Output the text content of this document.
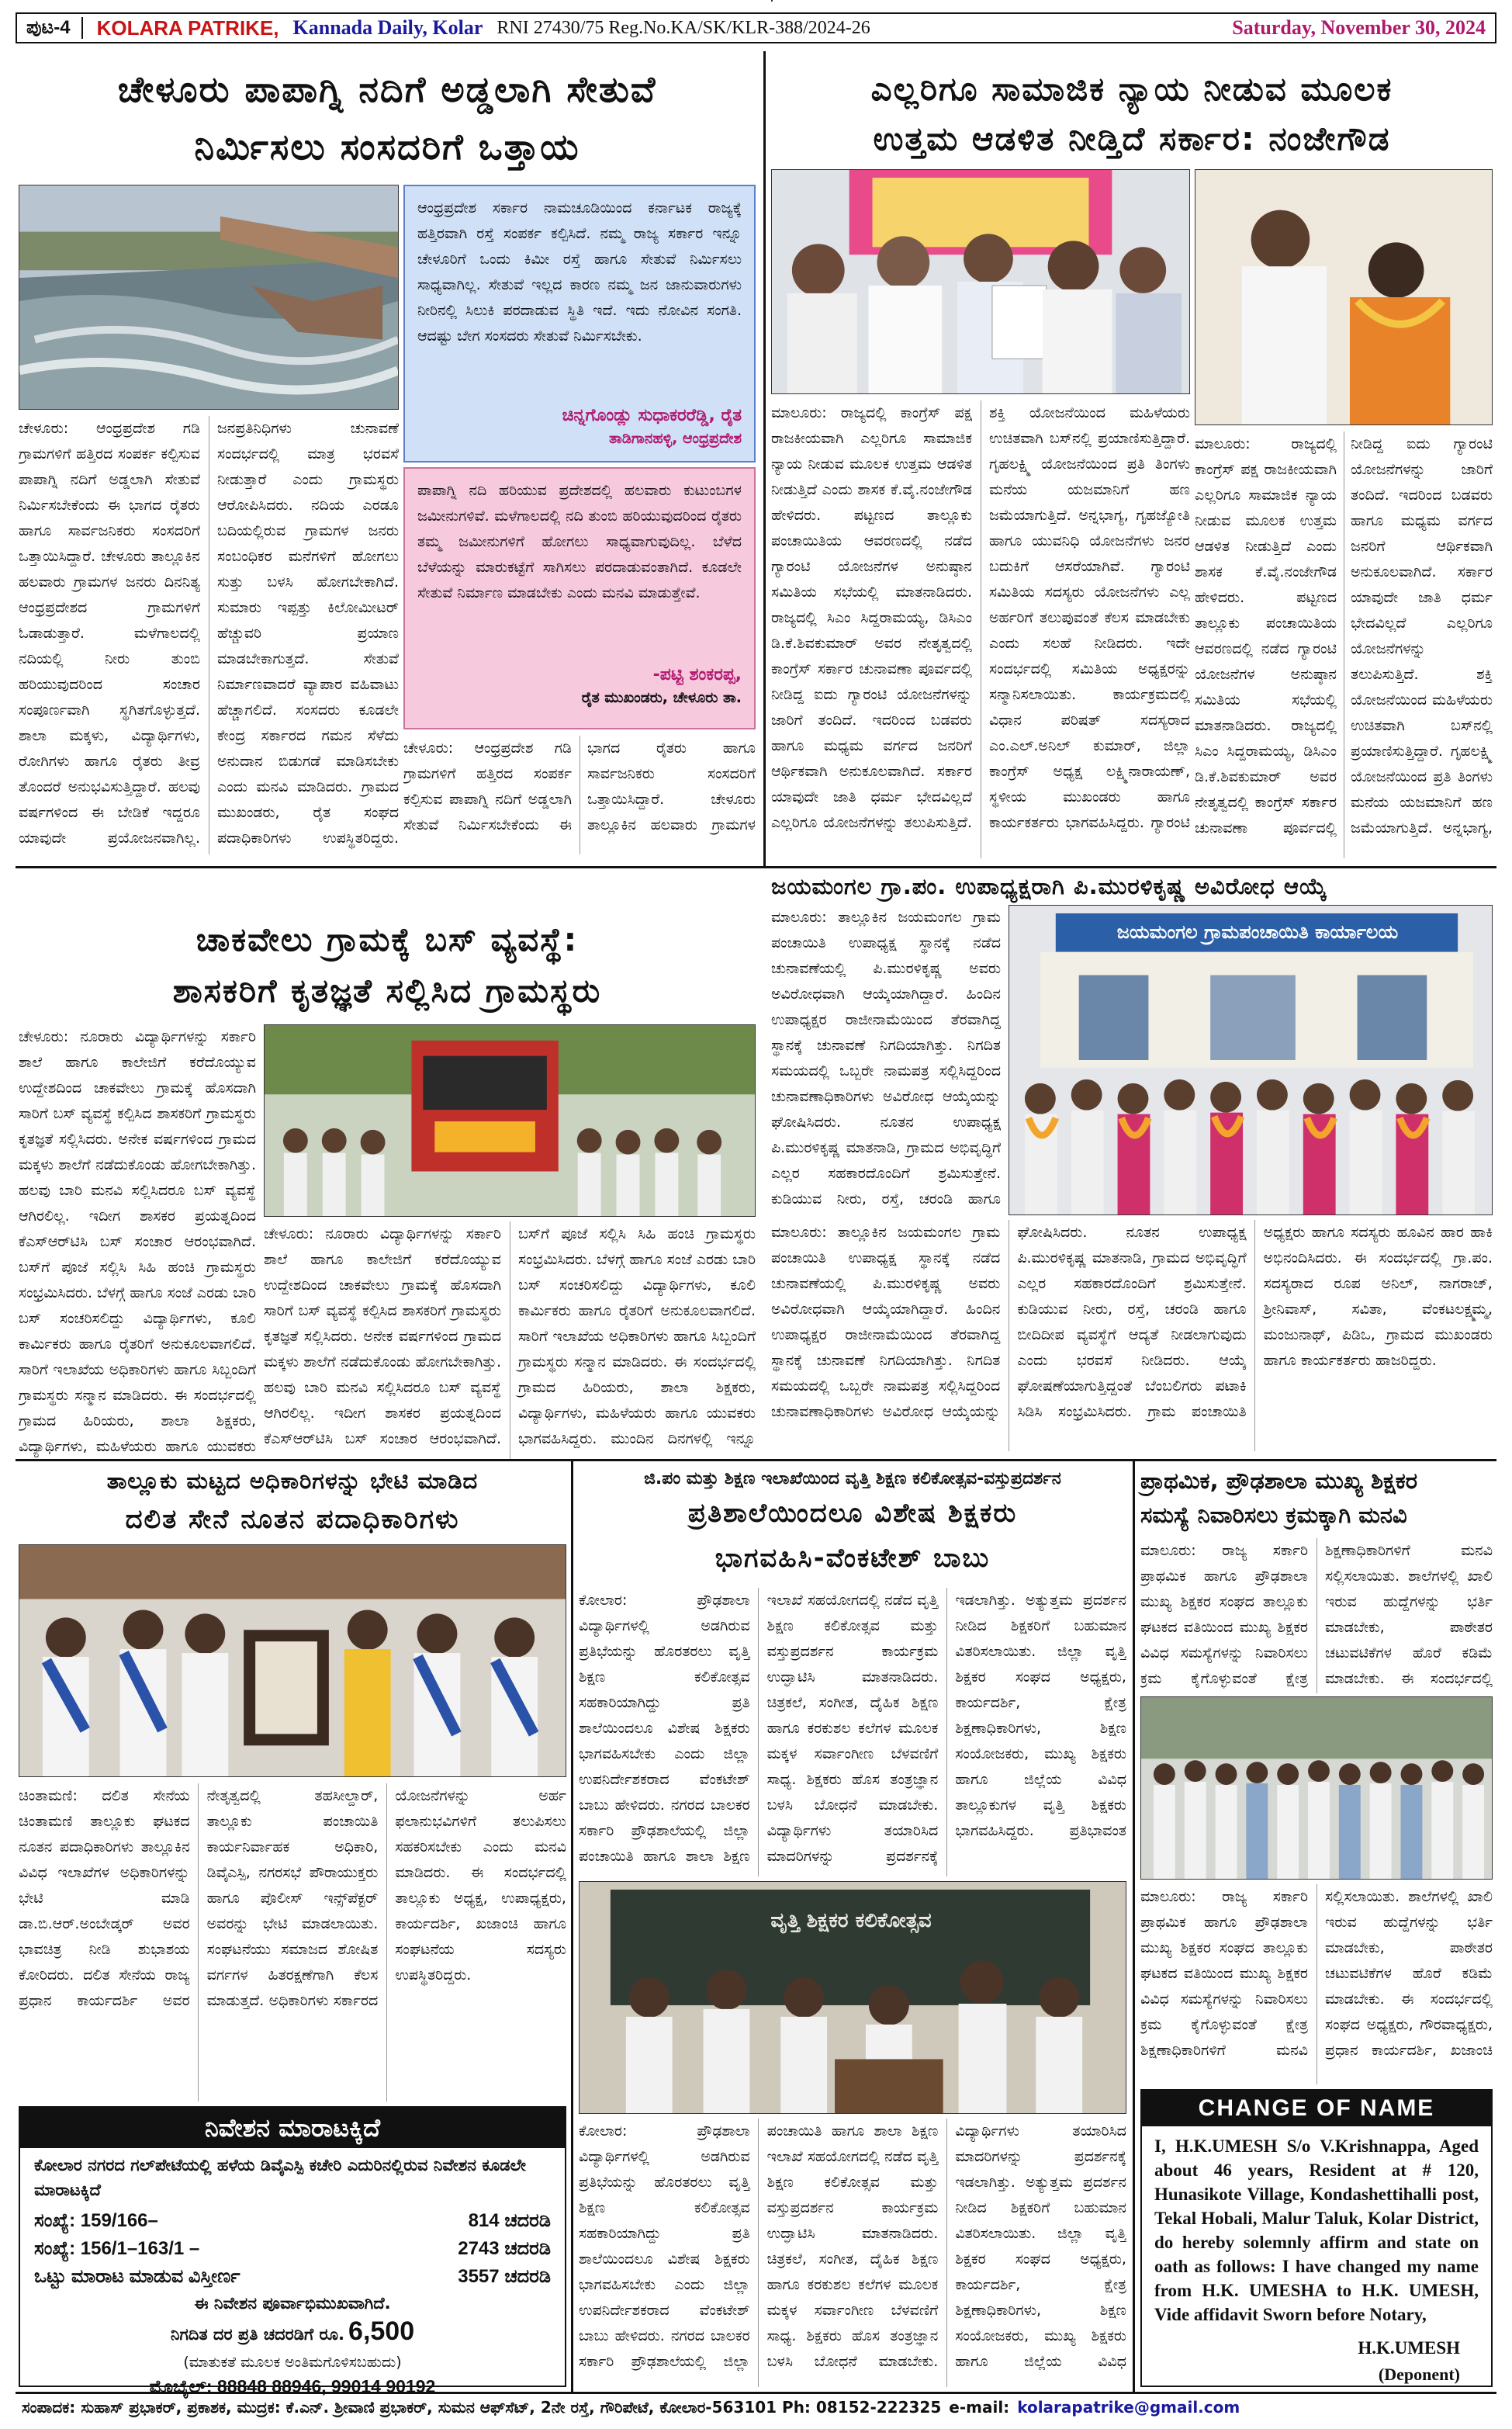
ಪುಟ-4	KOLARA PATRIKE, Kannada Daily, Kolar RNI 27430/75 Reg.No.KA/SK/KLR-388/2024-26	Saturday, November 30, 2024
ಚೇಳೂರು ಪಾಪಾಗ್ನಿ ನದಿಗೆ ಅಡ್ಡಲಾಗಿ ಸೇತುವೆ
ನಿರ್ಮಿಸಲು ಸಂಸದರಿಗೆ ಒತ್ತಾಯ
ಆಂಧ್ರಪ್ರದೇಶ ಸರ್ಕಾರ ನಾಮಚೂಡಿಯಿಂದ ಕರ್ನಾಟಕ ರಾಜ್ಯಕ್ಕೆ ಹತ್ತಿರವಾಗಿ ರಸ್ತೆ ಸಂಪರ್ಕ ಕಲ್ಪಿಸಿದೆ. ನಮ್ಮ ರಾಜ್ಯ ಸರ್ಕಾರ ಇನ್ನೂ ಚೇಳೂರಿಗೆ ಒಂದು ಕಿಮೀ ರಸ್ತೆ ಹಾಗೂ ಸೇತುವೆ ನಿರ್ಮಿಸಲು ಸಾಧ್ಯವಾಗಿಲ್ಲ. ಸೇತುವೆ ಇಲ್ಲದ ಕಾರಣ ನಮ್ಮ ಜನ ಜಾನುವಾರುಗಳು ನೀರಿನಲ್ಲಿ ಸಿಲುಕಿ ಪರದಾಡುವ ಸ್ಥಿತಿ ಇದೆ. ಇದು ನೋವಿನ ಸಂಗತಿ. ಆದಷ್ಟು ಬೇಗ ಸಂಸದರು ಸೇತುವೆ ನಿರ್ಮಿಸಬೇಕು.
ಚಿನ್ನಗೊಂಡ್ಲು ಸುಧಾಕರರೆಡ್ಡಿ, ರೈತ
ತಾಡಿಗಾನಹಳ್ಳಿ, ಆಂಧ್ರಪ್ರದೇಶ
ಪಾಪಾಗ್ನಿ ನದಿ ಹರಿಯುವ ಪ್ರದೇಶದಲ್ಲಿ ಹಲವಾರು ಕುಟುಂಬಗಳ ಜಮೀನುಗಳಿವೆ. ಮಳೆಗಾಲದಲ್ಲಿ ನದಿ ತುಂಬಿ ಹರಿಯುವುದರಿಂದ ರೈತರು ತಮ್ಮ ಜಮೀನುಗಳಿಗೆ ಹೋಗಲು ಸಾಧ್ಯವಾಗುವುದಿಲ್ಲ. ಬೆಳೆದ ಬೆಳೆಯನ್ನು ಮಾರುಕಟ್ಟೆಗೆ ಸಾಗಿಸಲು ಪರದಾಡುವಂತಾಗಿದೆ. ಕೂಡಲೇ ಸೇತುವೆ ನಿರ್ಮಾಣ ಮಾಡಬೇಕು ಎಂದು ಮನವಿ ಮಾಡುತ್ತೇವೆ.
-ಪಟ್ಟಿ ಶಂಕರಪ್ಪ,
ರೈತ ಮುಖಂಡರು, ಚೇಳೂರು ತಾ.
ಚೇಳೂರು: ಆಂಧ್ರಪ್ರದೇಶ ಗಡಿ ಗ್ರಾಮಗಳಿಗೆ ಹತ್ತಿರದ ಸಂಪರ್ಕ ಕಲ್ಪಿಸುವ ಪಾಪಾಗ್ನಿ ನದಿಗೆ ಅಡ್ಡಲಾಗಿ ಸೇತುವೆ ನಿರ್ಮಿಸಬೇಕೆಂದು ಈ ಭಾಗದ ರೈತರು ಹಾಗೂ ಸಾರ್ವಜನಿಕರು ಸಂಸದರಿಗೆ ಒತ್ತಾಯಿಸಿದ್ದಾರೆ. ಚೇಳೂರು ತಾಲ್ಲೂಕಿನ ಹಲವಾರು ಗ್ರಾಮಗಳ ಜನರು ದಿನನಿತ್ಯ ಆಂಧ್ರಪ್ರದೇಶದ ಗ್ರಾಮಗಳಿಗೆ ಓಡಾಡುತ್ತಾರೆ. ಮಳೆಗಾಲದಲ್ಲಿ ನದಿಯಲ್ಲಿ ನೀರು ತುಂಬಿ ಹರಿಯುವುದರಿಂದ ಸಂಚಾರ ಸಂಪೂರ್ಣವಾಗಿ ಸ್ಥಗಿತಗೊಳ್ಳುತ್ತದೆ. ಶಾಲಾ ಮಕ್ಕಳು, ವಿದ್ಯಾರ್ಥಿಗಳು, ರೋಗಿಗಳು ಹಾಗೂ ರೈತರು ತೀವ್ರ ತೊಂದರೆ ಅನುಭವಿಸುತ್ತಿದ್ದಾರೆ. ಹಲವು ವರ್ಷಗಳಿಂದ ಈ ಬೇಡಿಕೆ ಇದ್ದರೂ ಯಾವುದೇ ಪ್ರಯೋಜನವಾಗಿಲ್ಲ. ಜನಪ್ರತಿನಿಧಿಗಳು ಚುನಾವಣೆ ಸಂದರ್ಭದಲ್ಲಿ ಮಾತ್ರ ಭರವಸೆ ನೀಡುತ್ತಾರೆ ಎಂದು ಗ್ರಾಮಸ್ಥರು ಆರೋಪಿಸಿದರು. ನದಿಯ ಎರಡೂ ಬದಿಯಲ್ಲಿರುವ ಗ್ರಾಮಗಳ ಜನರು ಸಂಬಂಧಿಕರ ಮನೆಗಳಿಗೆ ಹೋಗಲು ಸುತ್ತು ಬಳಸಿ ಹೋಗಬೇಕಾಗಿದೆ. ಸುಮಾರು ಇಪ್ಪತ್ತು ಕಿಲೋಮೀಟರ್ ಹೆಚ್ಚುವರಿ ಪ್ರಯಾಣ ಮಾಡಬೇಕಾಗುತ್ತದೆ. ಸೇತುವೆ ನಿರ್ಮಾಣವಾದರೆ ವ್ಯಾಪಾರ ವಹಿವಾಟು ಹೆಚ್ಚಾಗಲಿದೆ. ಸಂಸದರು ಕೂಡಲೇ ಕೇಂದ್ರ ಸರ್ಕಾರದ ಗಮನ ಸೆಳೆದು ಅನುದಾನ ಬಿಡುಗಡೆ ಮಾಡಿಸಬೇಕು ಎಂದು ಮನವಿ ಮಾಡಿದರು. ಗ್ರಾಮದ ಮುಖಂಡರು, ರೈತ ಸಂಘದ ಪದಾಧಿಕಾರಿಗಳು ಉಪಸ್ಥಿತರಿದ್ದರು.
ಚೇಳೂರು: ಆಂಧ್ರಪ್ರದೇಶ ಗಡಿ ಗ್ರಾಮಗಳಿಗೆ ಹತ್ತಿರದ ಸಂಪರ್ಕ ಕಲ್ಪಿಸುವ ಪಾಪಾಗ್ನಿ ನದಿಗೆ ಅಡ್ಡಲಾಗಿ ಸೇತುವೆ ನಿರ್ಮಿಸಬೇಕೆಂದು ಈ ಭಾಗದ ರೈತರು ಹಾಗೂ ಸಾರ್ವಜನಿಕರು ಸಂಸದರಿಗೆ ಒತ್ತಾಯಿಸಿದ್ದಾರೆ. ಚೇಳೂರು ತಾಲ್ಲೂಕಿನ ಹಲವಾರು ಗ್ರಾಮಗಳ
ಎಲ್ಲರಿಗೂ ಸಾಮಾಜಿಕ ನ್ಯಾಯ ನೀಡುವ ಮೂಲಕ
ಉತ್ತಮ ಆಡಳಿತ ನೀಡ್ತಿದೆ ಸರ್ಕಾರ: ನಂಜೇಗೌಡ
ಮಾಲೂರು: ರಾಜ್ಯದಲ್ಲಿ ಕಾಂಗ್ರೆಸ್ ಪಕ್ಷ ರಾಜಕೀಯವಾಗಿ ಎಲ್ಲರಿಗೂ ಸಾಮಾಜಿಕ ನ್ಯಾಯ ನೀಡುವ ಮೂಲಕ ಉತ್ತಮ ಆಡಳಿತ ನೀಡುತ್ತಿದೆ ಎಂದು ಶಾಸಕ ಕೆ.ವೈ.ನಂಜೇಗೌಡ ಹೇಳಿದರು. ಪಟ್ಟಣದ ತಾಲ್ಲೂಕು ಪಂಚಾಯಿತಿಯ ಆವರಣದಲ್ಲಿ ನಡೆದ ಗ್ಯಾರಂಟಿ ಯೋಜನೆಗಳ ಅನುಷ್ಠಾನ ಸಮಿತಿಯ ಸಭೆಯಲ್ಲಿ ಮಾತನಾಡಿದರು. ರಾಜ್ಯದಲ್ಲಿ ಸಿಎಂ ಸಿದ್ದರಾಮಯ್ಯ, ಡಿಸಿಎಂ ಡಿ.ಕೆ.ಶಿವಕುಮಾರ್ ಅವರ ನೇತೃತ್ವದಲ್ಲಿ ಕಾಂಗ್ರೆಸ್ ಸರ್ಕಾರ ಚುನಾವಣಾ ಪೂರ್ವದಲ್ಲಿ ನೀಡಿದ್ದ ಐದು ಗ್ಯಾರಂಟಿ ಯೋಜನೆಗಳನ್ನು ಜಾರಿಗೆ ತಂದಿದೆ. ಇದರಿಂದ ಬಡವರು ಹಾಗೂ ಮಧ್ಯಮ ವರ್ಗದ ಜನರಿಗೆ ಆರ್ಥಿಕವಾಗಿ ಅನುಕೂಲವಾಗಿದೆ. ಸರ್ಕಾರ ಯಾವುದೇ ಜಾತಿ ಧರ್ಮ ಭೇದವಿಲ್ಲದೆ ಎಲ್ಲರಿಗೂ ಯೋಜನೆಗಳನ್ನು ತಲುಪಿಸುತ್ತಿದೆ. ಶಕ್ತಿ ಯೋಜನೆಯಿಂದ ಮಹಿಳೆಯರು ಉಚಿತವಾಗಿ ಬಸ್‌ನಲ್ಲಿ ಪ್ರಯಾಣಿಸುತ್ತಿದ್ದಾರೆ. ಗೃಹಲಕ್ಷ್ಮಿ ಯೋಜನೆಯಿಂದ ಪ್ರತಿ ತಿಂಗಳು ಮನೆಯ ಯಜಮಾನಿಗೆ ಹಣ ಜಮೆಯಾಗುತ್ತಿದೆ. ಅನ್ನಭಾಗ್ಯ, ಗೃಹಜ್ಯೋತಿ ಹಾಗೂ ಯುವನಿಧಿ ಯೋಜನೆಗಳು ಜನರ ಬದುಕಿಗೆ ಆಸರೆಯಾಗಿವೆ. ಗ್ಯಾರಂಟಿ ಸಮಿತಿಯ ಸದಸ್ಯರು ಯೋಜನೆಗಳು ಎಲ್ಲ ಅರ್ಹರಿಗೆ ತಲುಪುವಂತೆ ಕೆಲಸ ಮಾಡಬೇಕು ಎಂದು ಸಲಹೆ ನೀಡಿದರು. ಇದೇ ಸಂದರ್ಭದಲ್ಲಿ ಸಮಿತಿಯ ಅಧ್ಯಕ್ಷರನ್ನು ಸನ್ಮಾನಿಸಲಾಯಿತು. ಕಾರ್ಯಕ್ರಮದಲ್ಲಿ ವಿಧಾನ ಪರಿಷತ್ ಸದಸ್ಯರಾದ ಎಂ.ಎಲ್.ಅನಿಲ್ ಕುಮಾರ್, ಜಿಲ್ಲಾ ಕಾಂಗ್ರೆಸ್ ಅಧ್ಯಕ್ಷ ಲಕ್ಷ್ಮಿನಾರಾಯಣ್, ಸ್ಥಳೀಯ ಮುಖಂಡರು ಹಾಗೂ ಕಾರ್ಯಕರ್ತರು ಭಾಗವಹಿಸಿದ್ದರು. ಗ್ಯಾರಂಟಿ
ಮಾಲೂರು: ರಾಜ್ಯದಲ್ಲಿ ಕಾಂಗ್ರೆಸ್ ಪಕ್ಷ ರಾಜಕೀಯವಾಗಿ ಎಲ್ಲರಿಗೂ ಸಾಮಾಜಿಕ ನ್ಯಾಯ ನೀಡುವ ಮೂಲಕ ಉತ್ತಮ ಆಡಳಿತ ನೀಡುತ್ತಿದೆ ಎಂದು ಶಾಸಕ ಕೆ.ವೈ.ನಂಜೇಗೌಡ ಹೇಳಿದರು. ಪಟ್ಟಣದ ತಾಲ್ಲೂಕು ಪಂಚಾಯಿತಿಯ ಆವರಣದಲ್ಲಿ ನಡೆದ ಗ್ಯಾರಂಟಿ ಯೋಜನೆಗಳ ಅನುಷ್ಠಾನ ಸಮಿತಿಯ ಸಭೆಯಲ್ಲಿ ಮಾತನಾಡಿದರು. ರಾಜ್ಯದಲ್ಲಿ ಸಿಎಂ ಸಿದ್ದರಾಮಯ್ಯ, ಡಿಸಿಎಂ ಡಿ.ಕೆ.ಶಿವಕುಮಾರ್ ಅವರ ನೇತೃತ್ವದಲ್ಲಿ ಕಾಂಗ್ರೆಸ್ ಸರ್ಕಾರ ಚುನಾವಣಾ ಪೂರ್ವದಲ್ಲಿ ನೀಡಿದ್ದ ಐದು ಗ್ಯಾರಂಟಿ ಯೋಜನೆಗಳನ್ನು ಜಾರಿಗೆ ತಂದಿದೆ. ಇದರಿಂದ ಬಡವರು ಹಾಗೂ ಮಧ್ಯಮ ವರ್ಗದ ಜನರಿಗೆ ಆರ್ಥಿಕವಾಗಿ ಅನುಕೂಲವಾಗಿದೆ. ಸರ್ಕಾರ ಯಾವುದೇ ಜಾತಿ ಧರ್ಮ ಭೇದವಿಲ್ಲದೆ ಎಲ್ಲರಿಗೂ ಯೋಜನೆಗಳನ್ನು ತಲುಪಿಸುತ್ತಿದೆ. ಶಕ್ತಿ ಯೋಜನೆಯಿಂದ ಮಹಿಳೆಯರು ಉಚಿತವಾಗಿ ಬಸ್‌ನಲ್ಲಿ ಪ್ರಯಾಣಿಸುತ್ತಿದ್ದಾರೆ. ಗೃಹಲಕ್ಷ್ಮಿ ಯೋಜನೆಯಿಂದ ಪ್ರತಿ ತಿಂಗಳು ಮನೆಯ ಯಜಮಾನಿಗೆ ಹಣ ಜಮೆಯಾಗುತ್ತಿದೆ. ಅನ್ನಭಾಗ್ಯ,
ಜಯಮಂಗಲ ಗ್ರಾ.ಪಂ. ಉಪಾಧ್ಯಕ್ಷರಾಗಿ ಪಿ.ಮುರಳಿಕೃಷ್ಣ ಅವಿರೋಧ ಆಯ್ಕೆ
ಜಯಮಂಗಲ ಗ್ರಾಮಪಂಚಾಯಿತಿ ಕಾರ್ಯಾಲಯ
ಮಾಲೂರು: ತಾಲ್ಲೂಕಿನ ಜಯಮಂಗಲ ಗ್ರಾಮ ಪಂಚಾಯಿತಿ ಉಪಾಧ್ಯಕ್ಷ ಸ್ಥಾನಕ್ಕೆ ನಡೆದ ಚುನಾವಣೆಯಲ್ಲಿ ಪಿ.ಮುರಳಿಕೃಷ್ಣ ಅವರು ಅವಿರೋಧವಾಗಿ ಆಯ್ಕೆಯಾಗಿದ್ದಾರೆ. ಹಿಂದಿನ ಉಪಾಧ್ಯಕ್ಷರ ರಾಜೀನಾಮೆಯಿಂದ ತೆರವಾಗಿದ್ದ ಸ್ಥಾನಕ್ಕೆ ಚುನಾವಣೆ ನಿಗದಿಯಾಗಿತ್ತು. ನಿಗದಿತ ಸಮಯದಲ್ಲಿ ಒಬ್ಬರೇ ನಾಮಪತ್ರ ಸಲ್ಲಿಸಿದ್ದರಿಂದ ಚುನಾವಣಾಧಿಕಾರಿಗಳು ಅವಿರೋಧ ಆಯ್ಕೆಯನ್ನು ಘೋಷಿಸಿದರು. ನೂತನ ಉಪಾಧ್ಯಕ್ಷ ಪಿ.ಮುರಳಿಕೃಷ್ಣ ಮಾತನಾಡಿ, ಗ್ರಾಮದ ಅಭಿವೃದ್ಧಿಗೆ ಎಲ್ಲರ ಸಹಕಾರದೊಂದಿಗೆ ಶ್ರಮಿಸುತ್ತೇನೆ. ಕುಡಿಯುವ ನೀರು, ರಸ್ತೆ, ಚರಂಡಿ ಹಾಗೂ
ಮಾಲೂರು: ತಾಲ್ಲೂಕಿನ ಜಯಮಂಗಲ ಗ್ರಾಮ ಪಂಚಾಯಿತಿ ಉಪಾಧ್ಯಕ್ಷ ಸ್ಥಾನಕ್ಕೆ ನಡೆದ ಚುನಾವಣೆಯಲ್ಲಿ ಪಿ.ಮುರಳಿಕೃಷ್ಣ ಅವರು ಅವಿರೋಧವಾಗಿ ಆಯ್ಕೆಯಾಗಿದ್ದಾರೆ. ಹಿಂದಿನ ಉಪಾಧ್ಯಕ್ಷರ ರಾಜೀನಾಮೆಯಿಂದ ತೆರವಾಗಿದ್ದ ಸ್ಥಾನಕ್ಕೆ ಚುನಾವಣೆ ನಿಗದಿಯಾಗಿತ್ತು. ನಿಗದಿತ ಸಮಯದಲ್ಲಿ ಒಬ್ಬರೇ ನಾಮಪತ್ರ ಸಲ್ಲಿಸಿದ್ದರಿಂದ ಚುನಾವಣಾಧಿಕಾರಿಗಳು ಅವಿರೋಧ ಆಯ್ಕೆಯನ್ನು ಘೋಷಿಸಿದರು. ನೂತನ ಉಪಾಧ್ಯಕ್ಷ ಪಿ.ಮುರಳಿಕೃಷ್ಣ ಮಾತನಾಡಿ, ಗ್ರಾಮದ ಅಭಿವೃದ್ಧಿಗೆ ಎಲ್ಲರ ಸಹಕಾರದೊಂದಿಗೆ ಶ್ರಮಿಸುತ್ತೇನೆ. ಕುಡಿಯುವ ನೀರು, ರಸ್ತೆ, ಚರಂಡಿ ಹಾಗೂ ಬೀದಿದೀಪ ವ್ಯವಸ್ಥೆಗೆ ಆದ್ಯತೆ ನೀಡಲಾಗುವುದು ಎಂದು ಭರವಸೆ ನೀಡಿದರು. ಆಯ್ಕೆ ಘೋಷಣೆಯಾಗುತ್ತಿದ್ದಂತೆ ಬೆಂಬಲಿಗರು ಪಟಾಕಿ ಸಿಡಿಸಿ ಸಂಭ್ರಮಿಸಿದರು. ಗ್ರಾಮ ಪಂಚಾಯಿತಿ ಅಧ್ಯಕ್ಷರು ಹಾಗೂ ಸದಸ್ಯರು ಹೂವಿನ ಹಾರ ಹಾಕಿ ಅಭಿನಂದಿಸಿದರು. ಈ ಸಂದರ್ಭದಲ್ಲಿ ಗ್ರಾ.ಪಂ. ಸದಸ್ಯರಾದ ರೂಪ ಅನಿಲ್, ನಾಗರಾಜ್, ಶ್ರೀನಿವಾಸ್, ಸವಿತಾ, ವೆಂಕಟಲಕ್ಷ್ಮಮ್ಮ, ಮಂಜುನಾಥ್, ಪಿಡಿಒ, ಗ್ರಾಮದ ಮುಖಂಡರು ಹಾಗೂ ಕಾರ್ಯಕರ್ತರು ಹಾಜರಿದ್ದರು.
ಚಾಕವೇಲು ಗ್ರಾಮಕ್ಕೆ ಬಸ್ ವ್ಯವಸ್ಥೆ:
ಶಾಸಕರಿಗೆ ಕೃತಜ್ಞತೆ ಸಲ್ಲಿಸಿದ ಗ್ರಾಮಸ್ಥರು
ಚೇಳೂರು: ನೂರಾರು ವಿದ್ಯಾರ್ಥಿಗಳನ್ನು ಸರ್ಕಾರಿ ಶಾಲೆ ಹಾಗೂ ಕಾಲೇಜಿಗೆ ಕರೆದೊಯ್ಯುವ ಉದ್ದೇಶದಿಂದ ಚಾಕವೇಲು ಗ್ರಾಮಕ್ಕೆ ಹೊಸದಾಗಿ ಸಾರಿಗೆ ಬಸ್ ವ್ಯವಸ್ಥೆ ಕಲ್ಪಿಸಿದ ಶಾಸಕರಿಗೆ ಗ್ರಾಮಸ್ಥರು ಕೃತಜ್ಞತೆ ಸಲ್ಲಿಸಿದರು. ಅನೇಕ ವರ್ಷಗಳಿಂದ ಗ್ರಾಮದ ಮಕ್ಕಳು ಶಾಲೆಗೆ ನಡೆದುಕೊಂಡು ಹೋಗಬೇಕಾಗಿತ್ತು. ಹಲವು ಬಾರಿ ಮನವಿ ಸಲ್ಲಿಸಿದರೂ ಬಸ್ ವ್ಯವಸ್ಥೆ ಆಗಿರಲಿಲ್ಲ. ಇದೀಗ ಶಾಸಕರ ಪ್ರಯತ್ನದಿಂದ ಕೆಎಸ್ಆರ್‌ಟಿಸಿ ಬಸ್ ಸಂಚಾರ ಆರಂಭವಾಗಿದೆ. ಬಸ್‌ಗೆ ಪೂಜೆ ಸಲ್ಲಿಸಿ ಸಿಹಿ ಹಂಚಿ ಗ್ರಾಮಸ್ಥರು ಸಂಭ್ರಮಿಸಿದರು. ಬೆಳಗ್ಗೆ ಹಾಗೂ ಸಂಜೆ ಎರಡು ಬಾರಿ ಬಸ್ ಸಂಚರಿಸಲಿದ್ದು ವಿದ್ಯಾರ್ಥಿಗಳು, ಕೂಲಿ ಕಾರ್ಮಿಕರು ಹಾಗೂ ರೈತರಿಗೆ ಅನುಕೂಲವಾಗಲಿದೆ. ಸಾರಿಗೆ ಇಲಾಖೆಯ ಅಧಿಕಾರಿಗಳು ಹಾಗೂ ಸಿಬ್ಬಂದಿಗೆ ಗ್ರಾಮಸ್ಥರು ಸನ್ಮಾನ ಮಾಡಿದರು. ಈ ಸಂದರ್ಭದಲ್ಲಿ ಗ್ರಾಮದ ಹಿರಿಯರು, ಶಾಲಾ ಶಿಕ್ಷಕರು, ವಿದ್ಯಾರ್ಥಿಗಳು, ಮಹಿಳೆಯರು ಹಾಗೂ ಯುವಕರು
ಚೇಳೂರು: ನೂರಾರು ವಿದ್ಯಾರ್ಥಿಗಳನ್ನು ಸರ್ಕಾರಿ ಶಾಲೆ ಹಾಗೂ ಕಾಲೇಜಿಗೆ ಕರೆದೊಯ್ಯುವ ಉದ್ದೇಶದಿಂದ ಚಾಕವೇಲು ಗ್ರಾಮಕ್ಕೆ ಹೊಸದಾಗಿ ಸಾರಿಗೆ ಬಸ್ ವ್ಯವಸ್ಥೆ ಕಲ್ಪಿಸಿದ ಶಾಸಕರಿಗೆ ಗ್ರಾಮಸ್ಥರು ಕೃತಜ್ಞತೆ ಸಲ್ಲಿಸಿದರು. ಅನೇಕ ವರ್ಷಗಳಿಂದ ಗ್ರಾಮದ ಮಕ್ಕಳು ಶಾಲೆಗೆ ನಡೆದುಕೊಂಡು ಹೋಗಬೇಕಾಗಿತ್ತು. ಹಲವು ಬಾರಿ ಮನವಿ ಸಲ್ಲಿಸಿದರೂ ಬಸ್ ವ್ಯವಸ್ಥೆ ಆಗಿರಲಿಲ್ಲ. ಇದೀಗ ಶಾಸಕರ ಪ್ರಯತ್ನದಿಂದ ಕೆಎಸ್ಆರ್‌ಟಿಸಿ ಬಸ್ ಸಂಚಾರ ಆರಂಭವಾಗಿದೆ. ಬಸ್‌ಗೆ ಪೂಜೆ ಸಲ್ಲಿಸಿ ಸಿಹಿ ಹಂಚಿ ಗ್ರಾಮಸ್ಥರು ಸಂಭ್ರಮಿಸಿದರು. ಬೆಳಗ್ಗೆ ಹಾಗೂ ಸಂಜೆ ಎರಡು ಬಾರಿ ಬಸ್ ಸಂಚರಿಸಲಿದ್ದು ವಿದ್ಯಾರ್ಥಿಗಳು, ಕೂಲಿ ಕಾರ್ಮಿಕರು ಹಾಗೂ ರೈತರಿಗೆ ಅನುಕೂಲವಾಗಲಿದೆ. ಸಾರಿಗೆ ಇಲಾಖೆಯ ಅಧಿಕಾರಿಗಳು ಹಾಗೂ ಸಿಬ್ಬಂದಿಗೆ ಗ್ರಾಮಸ್ಥರು ಸನ್ಮಾನ ಮಾಡಿದರು. ಈ ಸಂದರ್ಭದಲ್ಲಿ ಗ್ರಾಮದ ಹಿರಿಯರು, ಶಾಲಾ ಶಿಕ್ಷಕರು, ವಿದ್ಯಾರ್ಥಿಗಳು, ಮಹಿಳೆಯರು ಹಾಗೂ ಯುವಕರು ಭಾಗವಹಿಸಿದ್ದರು. ಮುಂದಿನ ದಿನಗಳಲ್ಲಿ ಇನ್ನೂ
ತಾಲ್ಲೂಕು ಮಟ್ಟದ ಅಧಿಕಾರಿಗಳನ್ನು ಭೇಟಿ ಮಾಡಿದ
ದಲಿತ ಸೇನೆ ನೂತನ ಪದಾಧಿಕಾರಿಗಳು
ಚಿಂತಾಮಣಿ: ದಲಿತ ಸೇನೆಯ ಚಿಂತಾಮಣಿ ತಾಲ್ಲೂಕು ಘಟಕದ ನೂತನ ಪದಾಧಿಕಾರಿಗಳು ತಾಲ್ಲೂಕಿನ ವಿವಿಧ ಇಲಾಖೆಗಳ ಅಧಿಕಾರಿಗಳನ್ನು ಭೇಟಿ ಮಾಡಿ ಡಾ.ಬಿ.ಆರ್.ಅಂಬೇಡ್ಕರ್ ಅವರ ಭಾವಚಿತ್ರ ನೀಡಿ ಶುಭಾಶಯ ಕೋರಿದರು. ದಲಿತ ಸೇನೆಯ ರಾಜ್ಯ ಪ್ರಧಾನ ಕಾರ್ಯದರ್ಶಿ ಅವರ ನೇತೃತ್ವದಲ್ಲಿ ತಹಸೀಲ್ದಾರ್, ತಾಲ್ಲೂಕು ಪಂಚಾಯಿತಿ ಕಾರ್ಯನಿರ್ವಾಹಕ ಅಧಿಕಾರಿ, ಡಿವೈಎಸ್ಪಿ, ನಗರಸಭೆ ಪೌರಾಯುಕ್ತರು ಹಾಗೂ ಪೊಲೀಸ್ ಇನ್ಸ್‌ಪೆಕ್ಟರ್ ಅವರನ್ನು ಭೇಟಿ ಮಾಡಲಾಯಿತು. ಸಂಘಟನೆಯು ಸಮಾಜದ ಶೋಷಿತ ವರ್ಗಗಳ ಹಿತರಕ್ಷಣೆಗಾಗಿ ಕೆಲಸ ಮಾಡುತ್ತದೆ. ಅಧಿಕಾರಿಗಳು ಸರ್ಕಾರದ ಯೋಜನೆಗಳನ್ನು ಅರ್ಹ ಫಲಾನುಭವಿಗಳಿಗೆ ತಲುಪಿಸಲು ಸಹಕರಿಸಬೇಕು ಎಂದು ಮನವಿ ಮಾಡಿದರು. ಈ ಸಂದರ್ಭದಲ್ಲಿ ತಾಲ್ಲೂಕು ಅಧ್ಯಕ್ಷ, ಉಪಾಧ್ಯಕ್ಷರು, ಕಾರ್ಯದರ್ಶಿ, ಖಜಾಂಚಿ ಹಾಗೂ ಸಂಘಟನೆಯ ಸದಸ್ಯರು ಉಪಸ್ಥಿತರಿದ್ದರು.
ನಿವೇಶನ ಮಾರಾಟಕ್ಕಿದೆ
ಕೋಲಾರ ನಗರದ ಗಲ್‌ಪೇಟೆಯಲ್ಲಿ ಹಳೆಯ ಡಿವೈಎಸ್ಪಿ ಕಚೇರಿ ಎದುರಿನಲ್ಲಿರುವ ನಿವೇಶನ ಕೂಡಲೇ ಮಾರಾಟಕ್ಕಿದೆ
ಸಂಖ್ಯೆ: 159/166–	814 ಚದರಡಿ
ಸಂಖ್ಯೆ: 156/1–163/1 –	2743 ಚದರಡಿ
ಒಟ್ಟು ಮಾರಾಟ ಮಾಡುವ ವಿಸ್ತೀರ್ಣ	3557 ಚದರಡಿ
ಈ ನಿವೇಶನ ಪೂರ್ವಾಭಿಮುಖವಾಗಿದೆ.
ನಿಗದಿತ ದರ ಪ್ರತಿ ಚದರಡಿಗೆ ರೂ. 6,500
(ಮಾತುಕತೆ ಮೂಲಕ ಅಂತಿಮಗೊಳಿಸಬಹುದು)
ಮೊಬೈಲ್: 88848 88946, 99014 90192
ಜಿ.ಪಂ ಮತ್ತು ಶಿಕ್ಷಣ ಇಲಾಖೆಯಿಂದ ವೃತ್ತಿ ಶಿಕ್ಷಣ ಕಲಿಕೋತ್ಸವ-ವಸ್ತುಪ್ರದರ್ಶನ
ಪ್ರತಿಶಾಲೆಯಿಂದಲೂ ವಿಶೇಷ ಶಿಕ್ಷಕರು
ಭಾಗವಹಿಸಿ-ವೆಂಕಟೇಶ್ ಬಾಬು
ಕೋಲಾರ: ಪ್ರೌಢಶಾಲಾ ವಿದ್ಯಾರ್ಥಿಗಳಲ್ಲಿ ಅಡಗಿರುವ ಪ್ರತಿಭೆಯನ್ನು ಹೊರತರಲು ವೃತ್ತಿ ಶಿಕ್ಷಣ ಕಲಿಕೋತ್ಸವ ಸಹಕಾರಿಯಾಗಿದ್ದು ಪ್ರತಿ ಶಾಲೆಯಿಂದಲೂ ವಿಶೇಷ ಶಿಕ್ಷಕರು ಭಾಗವಹಿಸಬೇಕು ಎಂದು ಜಿಲ್ಲಾ ಉಪನಿರ್ದೇಶಕರಾದ ವೆಂಕಟೇಶ್ ಬಾಬು ಹೇಳಿದರು. ನಗರದ ಬಾಲಕರ ಸರ್ಕಾರಿ ಪ್ರೌಢಶಾಲೆಯಲ್ಲಿ ಜಿಲ್ಲಾ ಪಂಚಾಯಿತಿ ಹಾಗೂ ಶಾಲಾ ಶಿಕ್ಷಣ ಇಲಾಖೆ ಸಹಯೋಗದಲ್ಲಿ ನಡೆದ ವೃತ್ತಿ ಶಿಕ್ಷಣ ಕಲಿಕೋತ್ಸವ ಮತ್ತು ವಸ್ತುಪ್ರದರ್ಶನ ಕಾರ್ಯಕ್ರಮ ಉದ್ಘಾಟಿಸಿ ಮಾತನಾಡಿದರು. ಚಿತ್ರಕಲೆ, ಸಂಗೀತ, ದೈಹಿಕ ಶಿಕ್ಷಣ ಹಾಗೂ ಕರಕುಶಲ ಕಲೆಗಳ ಮೂಲಕ ಮಕ್ಕಳ ಸರ್ವಾಂಗೀಣ ಬೆಳವಣಿಗೆ ಸಾಧ್ಯ. ಶಿಕ್ಷಕರು ಹೊಸ ತಂತ್ರಜ್ಞಾನ ಬಳಸಿ ಬೋಧನೆ ಮಾಡಬೇಕು. ವಿದ್ಯಾರ್ಥಿಗಳು ತಯಾರಿಸಿದ ಮಾದರಿಗಳನ್ನು ಪ್ರದರ್ಶನಕ್ಕೆ ಇಡಲಾಗಿತ್ತು. ಅತ್ಯುತ್ತಮ ಪ್ರದರ್ಶನ ನೀಡಿದ ಶಿಕ್ಷಕರಿಗೆ ಬಹುಮಾನ ವಿತರಿಸಲಾಯಿತು. ಜಿಲ್ಲಾ ವೃತ್ತಿ ಶಿಕ್ಷಕರ ಸಂಘದ ಅಧ್ಯಕ್ಷರು, ಕಾರ್ಯದರ್ಶಿ, ಕ್ಷೇತ್ರ ಶಿಕ್ಷಣಾಧಿಕಾರಿಗಳು, ಶಿಕ್ಷಣ ಸಂಯೋಜಕರು, ಮುಖ್ಯ ಶಿಕ್ಷಕರು ಹಾಗೂ ಜಿಲ್ಲೆಯ ವಿವಿಧ ತಾಲ್ಲೂಕುಗಳ ವೃತ್ತಿ ಶಿಕ್ಷಕರು ಭಾಗವಹಿಸಿದ್ದರು. ಪ್ರತಿಭಾವಂತ
ವೃತ್ತಿ ಶಿಕ್ಷಕರ ಕಲಿಕೋತ್ಸವ
ಕೋಲಾರ: ಪ್ರೌಢಶಾಲಾ ವಿದ್ಯಾರ್ಥಿಗಳಲ್ಲಿ ಅಡಗಿರುವ ಪ್ರತಿಭೆಯನ್ನು ಹೊರತರಲು ವೃತ್ತಿ ಶಿಕ್ಷಣ ಕಲಿಕೋತ್ಸವ ಸಹಕಾರಿಯಾಗಿದ್ದು ಪ್ರತಿ ಶಾಲೆಯಿಂದಲೂ ವಿಶೇಷ ಶಿಕ್ಷಕರು ಭಾಗವಹಿಸಬೇಕು ಎಂದು ಜಿಲ್ಲಾ ಉಪನಿರ್ದೇಶಕರಾದ ವೆಂಕಟೇಶ್ ಬಾಬು ಹೇಳಿದರು. ನಗರದ ಬಾಲಕರ ಸರ್ಕಾರಿ ಪ್ರೌಢಶಾಲೆಯಲ್ಲಿ ಜಿಲ್ಲಾ ಪಂಚಾಯಿತಿ ಹಾಗೂ ಶಾಲಾ ಶಿಕ್ಷಣ ಇಲಾಖೆ ಸಹಯೋಗದಲ್ಲಿ ನಡೆದ ವೃತ್ತಿ ಶಿಕ್ಷಣ ಕಲಿಕೋತ್ಸವ ಮತ್ತು ವಸ್ತುಪ್ರದರ್ಶನ ಕಾರ್ಯಕ್ರಮ ಉದ್ಘಾಟಿಸಿ ಮಾತನಾಡಿದರು. ಚಿತ್ರಕಲೆ, ಸಂಗೀತ, ದೈಹಿಕ ಶಿಕ್ಷಣ ಹಾಗೂ ಕರಕುಶಲ ಕಲೆಗಳ ಮೂಲಕ ಮಕ್ಕಳ ಸರ್ವಾಂಗೀಣ ಬೆಳವಣಿಗೆ ಸಾಧ್ಯ. ಶಿಕ್ಷಕರು ಹೊಸ ತಂತ್ರಜ್ಞಾನ ಬಳಸಿ ಬೋಧನೆ ಮಾಡಬೇಕು. ವಿದ್ಯಾರ್ಥಿಗಳು ತಯಾರಿಸಿದ ಮಾದರಿಗಳನ್ನು ಪ್ರದರ್ಶನಕ್ಕೆ ಇಡಲಾಗಿತ್ತು. ಅತ್ಯುತ್ತಮ ಪ್ರದರ್ಶನ ನೀಡಿದ ಶಿಕ್ಷಕರಿಗೆ ಬಹುಮಾನ ವಿತರಿಸಲಾಯಿತು. ಜಿಲ್ಲಾ ವೃತ್ತಿ ಶಿಕ್ಷಕರ ಸಂಘದ ಅಧ್ಯಕ್ಷರು, ಕಾರ್ಯದರ್ಶಿ, ಕ್ಷೇತ್ರ ಶಿಕ್ಷಣಾಧಿಕಾರಿಗಳು, ಶಿಕ್ಷಣ ಸಂಯೋಜಕರು, ಮುಖ್ಯ ಶಿಕ್ಷಕರು ಹಾಗೂ ಜಿಲ್ಲೆಯ ವಿವಿಧ
ಪ್ರಾಥಮಿಕ, ಪ್ರೌಢಶಾಲಾ ಮುಖ್ಯ ಶಿಕ್ಷಕರ
ಸಮಸ್ಯೆ ನಿವಾರಿಸಲು ಕ್ರಮಕ್ಕಾಗಿ ಮನವಿ
ಮಾಲೂರು: ರಾಜ್ಯ ಸರ್ಕಾರಿ ಪ್ರಾಥಮಿಕ ಹಾಗೂ ಪ್ರೌಢಶಾಲಾ ಮುಖ್ಯ ಶಿಕ್ಷಕರ ಸಂಘದ ತಾಲ್ಲೂಕು ಘಟಕದ ವತಿಯಿಂದ ಮುಖ್ಯ ಶಿಕ್ಷಕರ ವಿವಿಧ ಸಮಸ್ಯೆಗಳನ್ನು ನಿವಾರಿಸಲು ಕ್ರಮ ಕೈಗೊಳ್ಳುವಂತೆ ಕ್ಷೇತ್ರ ಶಿಕ್ಷಣಾಧಿಕಾರಿಗಳಿಗೆ ಮನವಿ ಸಲ್ಲಿಸಲಾಯಿತು. ಶಾಲೆಗಳಲ್ಲಿ ಖಾಲಿ ಇರುವ ಹುದ್ದೆಗಳನ್ನು ಭರ್ತಿ ಮಾಡಬೇಕು, ಪಾಠೇತರ ಚಟುವಟಿಕೆಗಳ ಹೊರೆ ಕಡಿಮೆ ಮಾಡಬೇಕು. ಈ ಸಂದರ್ಭದಲ್ಲಿ
ಮಾಲೂರು: ರಾಜ್ಯ ಸರ್ಕಾರಿ ಪ್ರಾಥಮಿಕ ಹಾಗೂ ಪ್ರೌಢಶಾಲಾ ಮುಖ್ಯ ಶಿಕ್ಷಕರ ಸಂಘದ ತಾಲ್ಲೂಕು ಘಟಕದ ವತಿಯಿಂದ ಮುಖ್ಯ ಶಿಕ್ಷಕರ ವಿವಿಧ ಸಮಸ್ಯೆಗಳನ್ನು ನಿವಾರಿಸಲು ಕ್ರಮ ಕೈಗೊಳ್ಳುವಂತೆ ಕ್ಷೇತ್ರ ಶಿಕ್ಷಣಾಧಿಕಾರಿಗಳಿಗೆ ಮನವಿ ಸಲ್ಲಿಸಲಾಯಿತು. ಶಾಲೆಗಳಲ್ಲಿ ಖಾಲಿ ಇರುವ ಹುದ್ದೆಗಳನ್ನು ಭರ್ತಿ ಮಾಡಬೇಕು, ಪಾಠೇತರ ಚಟುವಟಿಕೆಗಳ ಹೊರೆ ಕಡಿಮೆ ಮಾಡಬೇಕು. ಈ ಸಂದರ್ಭದಲ್ಲಿ ಸಂಘದ ಅಧ್ಯಕ್ಷರು, ಗೌರವಾಧ್ಯಕ್ಷರು, ಪ್ರಧಾನ ಕಾರ್ಯದರ್ಶಿ, ಖಜಾಂಚಿ
CHANGE OF NAME
I, H.K.UMESH S/o V.Krishnappa, Aged about 46 years, Resident at # 120, Hunasikote Village, Kondashettihalli post, Tekal Hobali, Malur Taluk, Kolar District, do hereby solemnly affirm and state on oath as follows: I have changed my name from H.K. UMESHA to H.K. UMESH, Vide affidavit Sworn before Notary,
H.K.UMESH
(Deponent)
ಸಂಪಾದಕ: ಸುಹಾಸ್ ಪ್ರಭಾಕರ್, ಪ್ರಕಾಶಕ, ಮುದ್ರಕ: ಕೆ.ಎನ್. ಶ್ರೀವಾಣಿ ಪ್ರಭಾಕರ್, ಸುಮನ ಆಫ್‌ಸೆಟ್, 2ನೇ ರಸ್ತೆ, ಗೌರಿಪೇಟೆ, ಕೋಲಾರ-563101 Ph: 08152-222325 e-mail: kolarapatrike@gmail.com
